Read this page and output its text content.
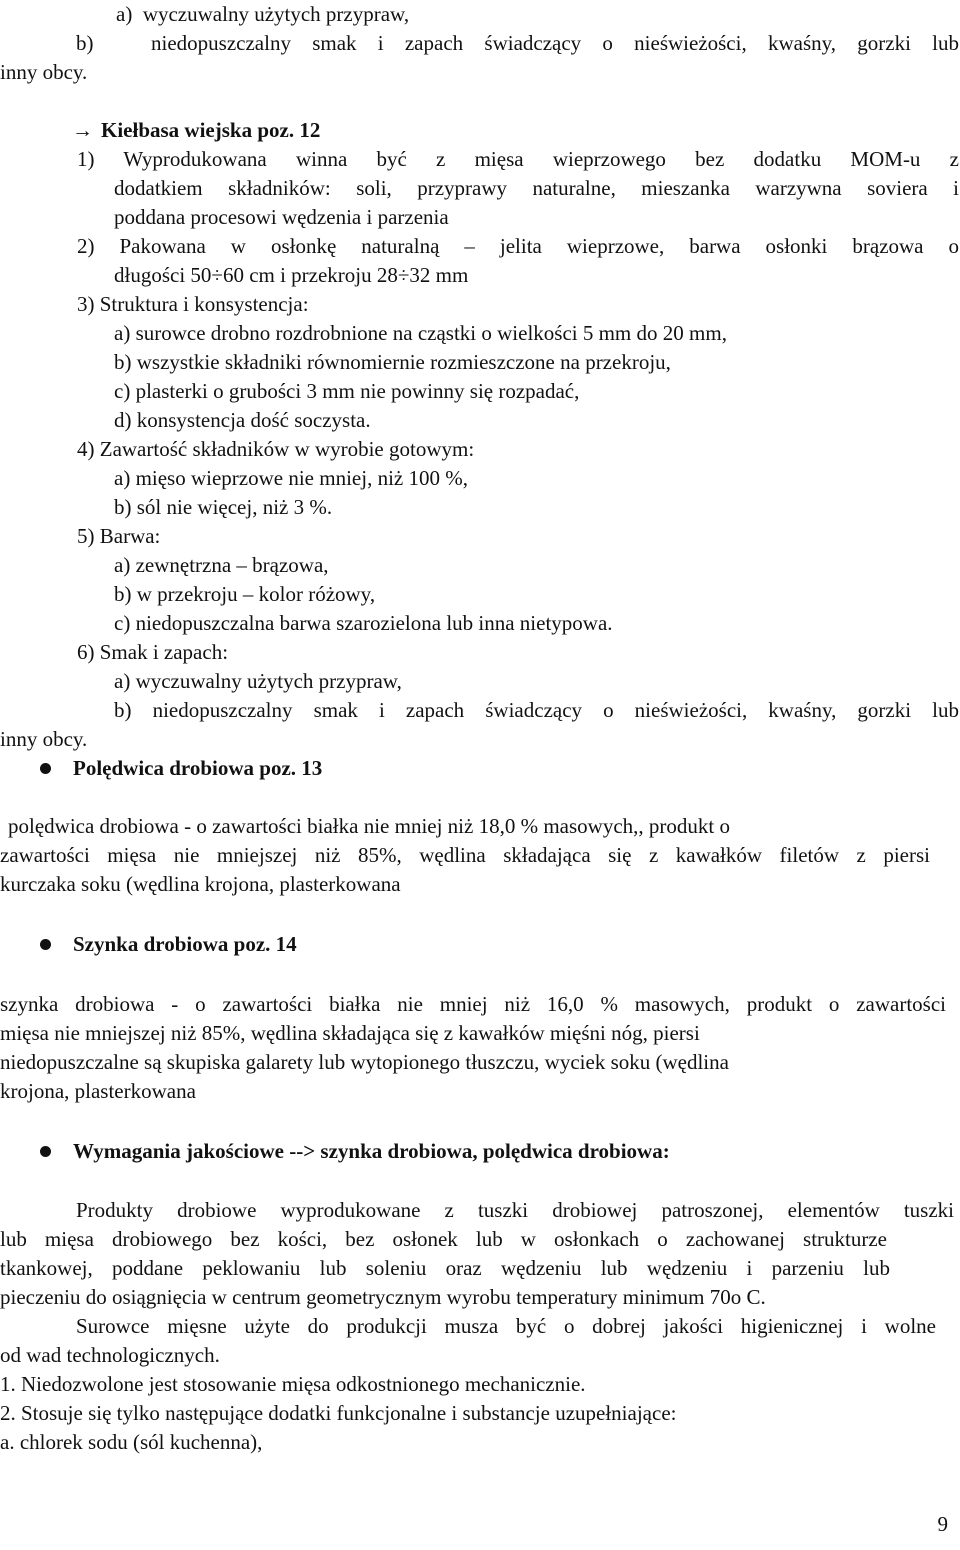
a) wyczuwalny użytych przypraw,
b)	niedopuszczalny smak i zapach świadczący o nieświeżości, kwaśny, gorzki lub
inny obcy.
→ Kiełbasa wiejska poz. 12
1) Wyprodukowana winna być z mięsa wieprzowego bez dodatku MOM-u z
dodatkiem składników: soli, przyprawy naturalne, mieszanka warzywna soviera i
poddana procesowi wędzenia i parzenia
2) Pakowana w osłonkę naturalną – jelita wieprzowe, barwa osłonki brązowa o
długości 50÷60 cm i przekroju 28÷32 mm
3) Struktura i konsystencja:
a) surowce drobno rozdrobnione na cząstki o wielkości 5 mm do 20 mm,
b) wszystkie składniki równomiernie rozmieszczone na przekroju,
c) plasterki o grubości 3 mm nie powinny się rozpadać,
d) konsystencja dość soczysta.
4) Zawartość składników w wyrobie gotowym:
a) mięso wieprzowe nie mniej, niż 100 %,
b) sól nie więcej, niż 3 %.
5) Barwa:
a) zewnętrzna – brązowa,
b) w przekroju – kolor różowy,
c) niedopuszczalna barwa szarozielona lub inna nietypowa.
6) Smak i zapach:
a) wyczuwalny użytych przypraw,
b) niedopuszczalny smak i zapach świadczący o nieświeżości, kwaśny, gorzki lub
inny obcy.
Polędwica drobiowa poz. 13
polędwica drobiowa - o zawartości białka nie mniej niż 18,0 % masowych,, produkt o
zawartości mięsa nie mniejszej niż 85%, wędlina składająca się z kawałków filetów z piersi
kurczaka soku (wędlina krojona, plasterkowana
Szynka drobiowa poz. 14
szynka drobiowa - o zawartości białka nie mniej niż 16,0 % masowych, produkt o zawartości
mięsa nie mniejszej niż 85%, wędlina składająca się z kawałków mięśni nóg, piersi
niedopuszczalne są skupiska galarety lub wytopionego tłuszczu, wyciek soku (wędlina
krojona, plasterkowana
Wymagania jakościowe --> szynka drobiowa, polędwica drobiowa:
Produkty drobiowe wyprodukowane z tuszki drobiowej patroszonej, elementów tuszki
lub mięsa drobiowego bez kości, bez osłonek lub w osłonkach o zachowanej strukturze
tkankowej, poddane peklowaniu lub soleniu oraz wędzeniu lub wędzeniu i parzeniu lub
pieczeniu do osiągnięcia w centrum geometrycznym wyrobu temperatury minimum 70o C.
Surowce mięsne użyte do produkcji musza być o dobrej jakości higienicznej i wolne
od wad technologicznych.
1. Niedozwolone jest stosowanie mięsa odkostnionego mechanicznie.
2. Stosuje się tylko następujące dodatki funkcjonalne i substancje uzupełniające:
a. chlorek sodu (sól kuchenna),
9
